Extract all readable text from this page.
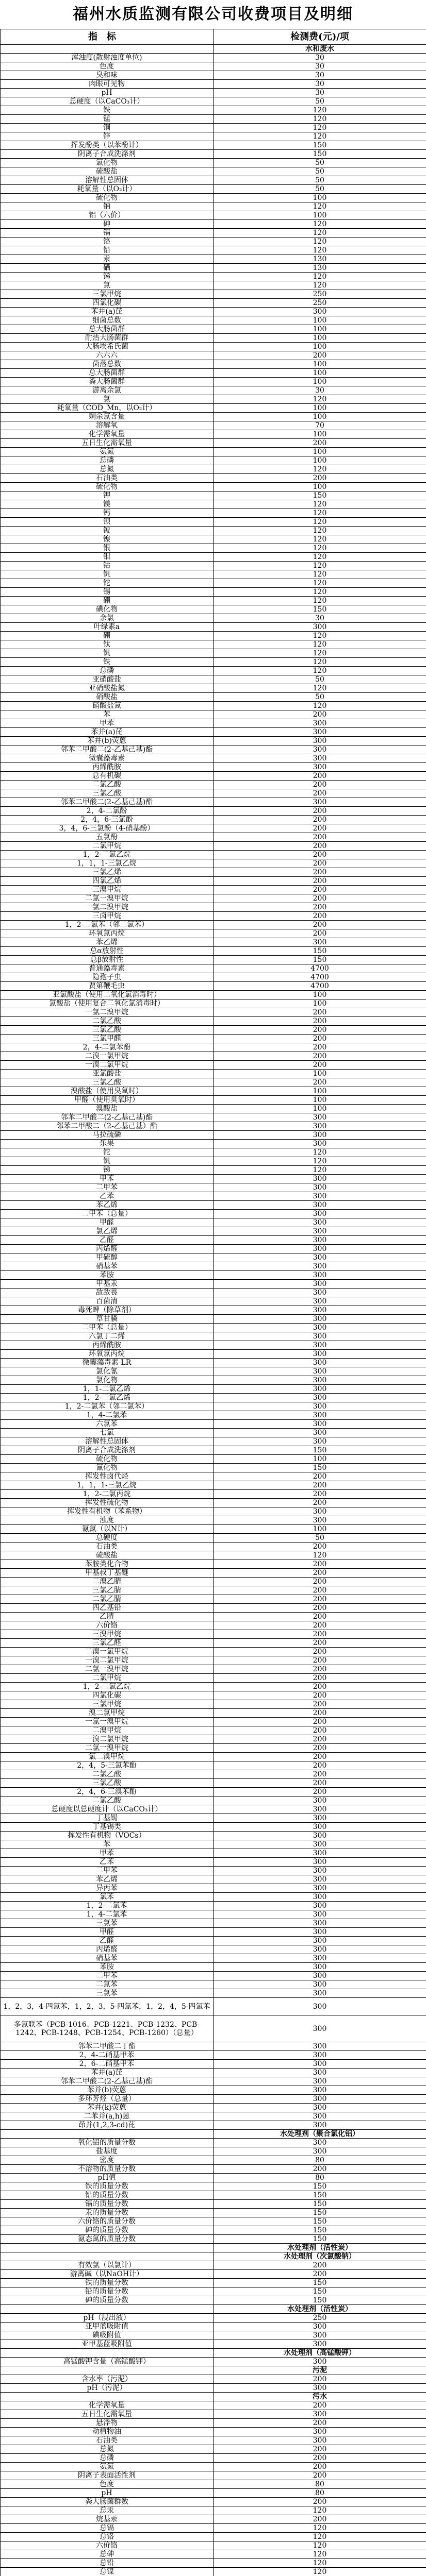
福州水质监测有限公司收费项目及明细
指标	检测费(元)/项
	水和废水
浑浊度(散射浊度单位)	30
色度	30
臭和味	30
肉眼可见物	30
pH	30
总硬度（以CaCO₃计）	50
铁	120
锰	120
铜	120
锌	120
挥发酚类（以苯酚计）	150
阴离子合成洗涤剂	150
氯化物	50
硫酸盐	50
溶解性总固体	50
耗氧量（以O₂计）	50
硫化物	100
钠	120
铝（六价）	100
砷	120
镉	120
铬	120
铅	120
汞	130
硒	130
锑	120
氯	120
三氯甲烷	250
四氯化碳	250
苯并(a)芘	300
细菌总数	100
总大肠菌群	100
耐热大肠菌群	100
大肠埃希氏菌	100
六六六	200
菌落总数	100
总大肠菌群	100
粪大肠菌群	100
游离余氯	30
氯	120
耗氧量（COD_Mn，以O₂计）	100
剩余氯含量	100
溶解氧	70
化学需氧量	100
五日生化需氧量	200
氨氮	100
总磷	100
总氮	120
石油类	200
硫化物	100
钾	150
镁	120
钙	120
钡	120
铍	120
镍	120
银	120
钼	120
钴	120
钒	120
铊	120
锡	120
硼	120
碘化物	150
余氯	30
叶绿素a	300
硼	120
钛	120
钒	120
铁	120
总磷	120
亚硝酸盐	50
亚硝酸盐氮	120
硝酸盐	50
硝酸盐氮	120
苯	200
甲苯	300
苯并(a)芘	300
苯并(b)荧蒽	300
邻苯二甲酸二(2-乙基己基)酯	300
微囊藻毒素	300
丙烯酰胺	300
总有机碳	200
二氯乙酸	200
三氯乙酸	200
邻苯二甲酸二(2-乙基己基)酯	300
2，4-二氯酚	200
2，4，6-三氯酚	200
3，4，6-三氯酚（4-硝基酚）	200
五氯酚	200
二氯甲烷	200
1，2-二氯乙烷	200
1，1，1-三氯乙烷	200
三氯乙烯	200
四氯乙烯	200
三溴甲烷	200
二氯一溴甲烷	200
一氯二溴甲烷	200
三卤甲烷	200
1，2-二氯苯（邻二氯苯）	200
环氧氯丙烷	200
苯乙烯	300
总α放射性	150
总β放射性	150
普通藻毒素	4700
隐孢子虫	4700
贾第鞭毛虫	4700
亚氯酸盐（使用二氧化氯消毒时）	100
氯酸盐（使用复合二氧化氯消毒时）	100
一氯二溴甲烷	200
二氯乙酸	200
三氯乙酸	200
三氯甲醛	200
2，4-二氯苯酚	200
二溴一氯甲烷	200
一溴二氯甲烷	200
亚氯酸盐	100
三氯乙酸	200
溴酸盐（使用臭氧时）	100
甲醛（使用臭氧时）	100
溴酸盐	100
邻苯二甲酸二(2-乙基己基)酯	300
邻苯二甲酸二（2-乙基己基）酯	300
马拉硫磷	300
乐果	300
铊	120
钒	120
锑	120
甲苯	300
二甲苯	300
乙苯	300
苯乙烯	300
二甲苯（总量）	300
甲醛	300
氯乙烯	300
乙醛	300
丙烯醛	300
甲硫醇	300
硝基苯	300
苯胺	300
甲基汞	300
敌敌畏	300
百菌清	300
毒死蜱（除草剂）	300
草甘膦	300
二甲苯（总量）	300
六氯丁二烯	300
丙烯酰胺	300
环氧氯丙烷	300
微囊藻毒素-LR	300
氯化氰	300
氯化物	300
1，1-二氯乙烯	300
1，2-二氯乙烯	300
1，2-二氯苯（邻二氯苯）	300
1，4-二氯苯	300
六氯苯	300
七氯	300
溶解性总固体	300
阴离子合成洗涤剂	150
硫化物	100
氰化物	150
挥发性卤代烃	200
1，1，1-三氯乙烷	200
1，2-二氯丙烷	200
挥发性硫化物	200
挥发性有机物（苯系物）	300
浊度	300
氨氮（以N计）	100
总硬度	50
石油类	200
硫酸盐	120
苯胺类化合物	200
甲基叔丁基醚	200
二溴乙腈	200
三氯乙腈	200
二氯乙腈	200
四乙基铅	200
乙腈	200
六价铬	200
三溴甲烷	200
三氯乙醛	200
二溴一氯甲烷	200
一溴二氯甲烷	200
二氯一溴甲烷	200
二氯甲烷	200
1，2-二氯乙烷	200
四氯化碳	200
三氯甲烷	200
溴二氯甲烷	200
一氯一溴甲烷	200
二溴甲烷	200
一溴二氯甲烷	200
二氯一溴甲烷	200
氯二溴甲烷	200
2，4，5-三氯苯酚	200
二氯乙酸	200
三氯乙酸	200
2，4，6-三溴苯酚	200
二氯乙酸	300
总硬度以总硬度计（以CaCO₃计）	300
丁基锡	300
丁基锡类	300
挥发性有机物（VOCs）	300
苯	300
甲苯	300
乙苯	300
二甲苯	300
苯乙烯	300
异丙苯	300
氯苯	300
1，2-二氯苯	300
1，4-二氯苯	300
三氯苯	300
甲醛	300
乙醛	300
丙烯醛	300
硝基苯	300
苯胺	300
二甲苯	300
二氯苯	300
三氯苯	300
1，2，3，4-四氯苯，1，2，3，5-四氯苯，1，2，4，5-四氯苯	300
多氯联苯（PCB-1016、PCB-1221、PCB-1232、PCB-1242、PCB-1248、PCB-1254、PCB-1260）（总量）	300
邻苯二甲酸二丁酯	300
2，4-二硝基甲苯	300
2，6-二硝基甲苯	300
苯并(a)芘	300
邻苯二甲酸二(2-乙基己基)酯	300
苯并(b)荧蒽	300
多环芳烃（总量）	300
苯并(k)荧蒽	300
二苯并(a,h)蒽	300
茚并(1,2,3-cd)芘	300
	水处理剂（聚合氯化铝）
氧化铝的质量分数	300
盐基度	300
密度	80
不溶物的质量分数	200
pH值	80
铁的质量分数	150
铅的质量分数	150
镉的质量分数	150
汞的质量分数	150
六价铬的质量分数	150
砷的质量分数	150
氨态氮的质量分数	150
	水处理剂（活性炭）
	水处理剂（次氯酸钠）
有效氯（以氯计）	200
游离碱（以NaOH计）	200
铁的质量分数	150
铅的质量分数	150
砷的质量分数	150
	水处理剂（活性炭）
pH（浸出液）	250
亚甲蓝吸附值	300
碘吸附值	300
亚甲基蓝吸附值	300
	水处理剂（高锰酸钾）
高锰酸钾含量（高锰酸钾）	300
	污泥
含水率（污泥）	200
pH（污泥）	300
	污水
化学需氧量	200
五日生化需氧量	300
悬浮物	200
动植物油	300
石油类	300
总氮	200
总磷	200
氨氮	200
阴离子表面活性剂	200
色度	80
pH	80
粪大肠菌群数	200
总汞	120
烷基汞	200
总镉	120
总铬	120
六价铬	120
总砷	120
总铅	120
总镍	120
